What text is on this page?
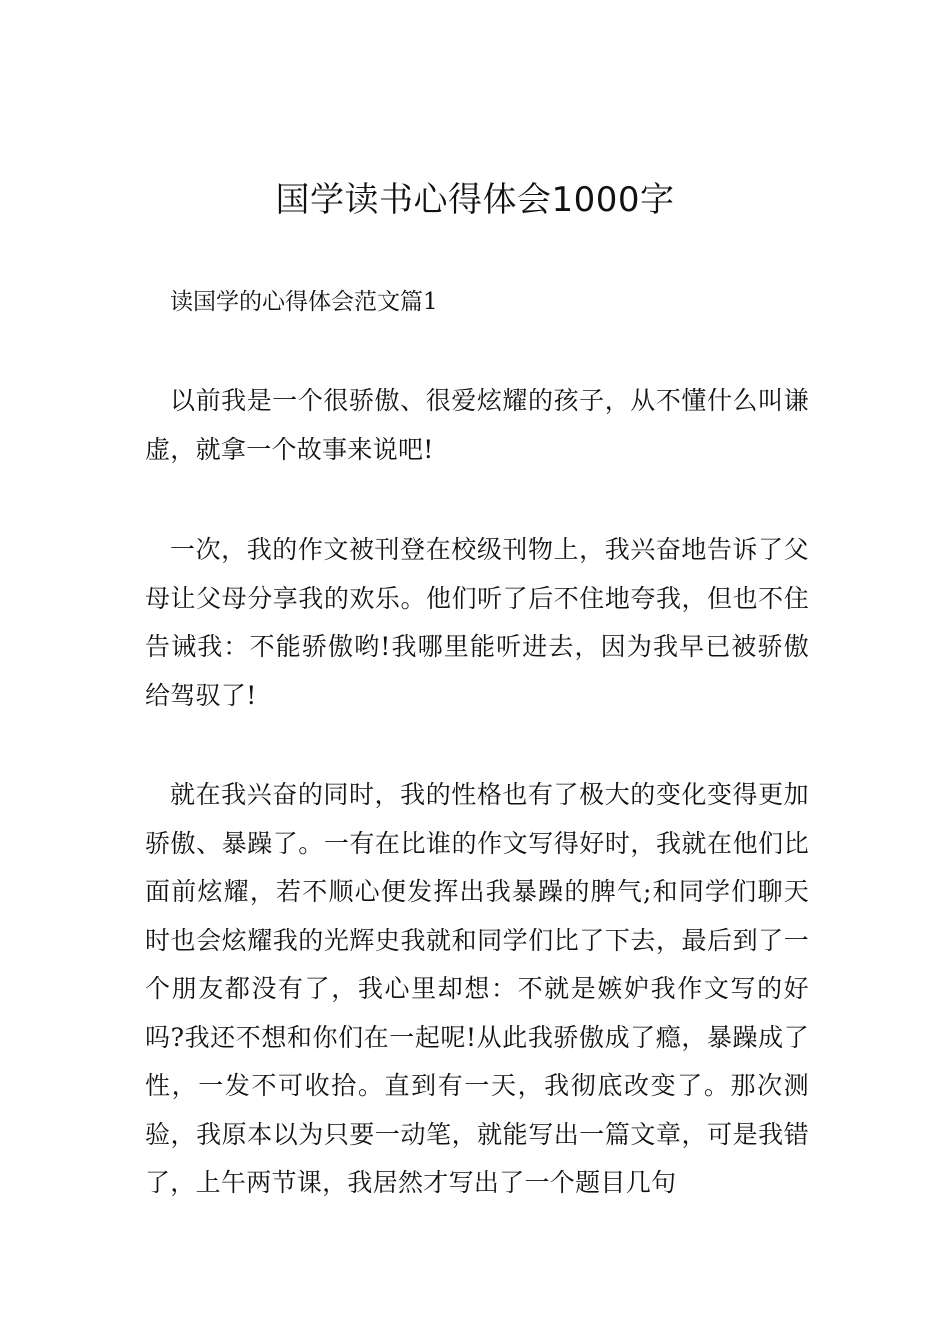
国学读书心得体会1000字

读国学的心得体会范文篇1

以前我是一个很骄傲、很爱炫耀的孩子，从不懂什么叫谦虚，就拿一个故事来说吧!

一次，我的作文被刊登在校级刊物上，我兴奋地告诉了父母让父母分享我的欢乐。他们听了后不住地夸我，但也不住告诫我：不能骄傲哟!我哪里能听进去，因为我早已被骄傲给驾驭了!

就在我兴奋的同时，我的性格也有了极大的变化变得更加骄傲、暴躁了。一有在比谁的作文写得好时，我就在他们比面前炫耀，若不顺心便发挥出我暴躁的脾气;和同学们聊天时也会炫耀我的光辉史我就和同学们比了下去，最后到了一个朋友都没有了，我心里却想：不就是嫉妒我作文写的好吗?我还不想和你们在一起呢!从此我骄傲成了瘾，暴躁成了性，一发不可收拾。直到有一天，我彻底改变了。那次测验，我原本以为只要一动笔，就能写出一篇文章，可是我错了，上午两节课，我居然才写出了一个题目几句
